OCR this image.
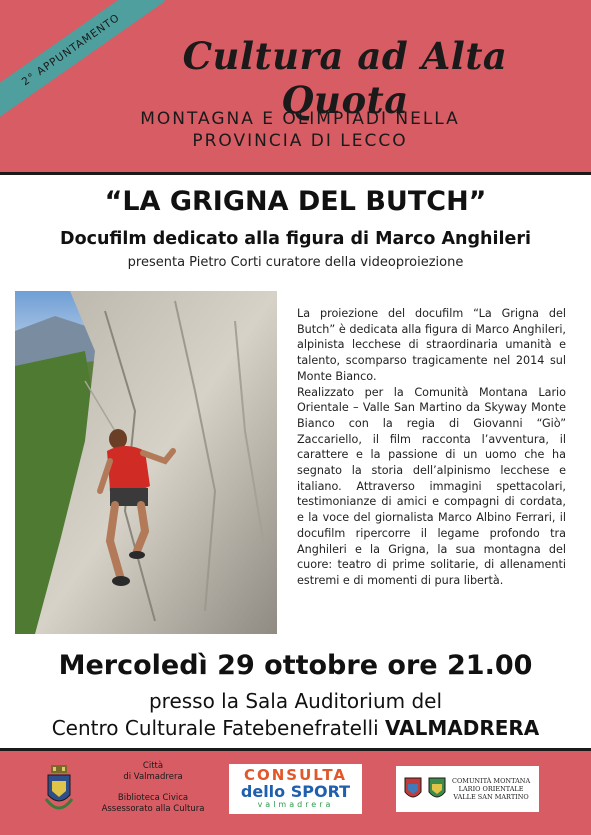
2° APPUNTAMENTO	Cultura ad Alta Quota
MONTAGNA E OLIMPIADI NELLA
PROVINCIA DI LECCO
“LA GRIGNA DEL BUTCH”
Docufilm dedicato alla figura di Marco Anghileri
presenta Pietro Corti curatore della videoproiezione

La proiezione del docufilm “La Grigna del Butch” è dedicata alla figura di Marco Anghileri, alpinista lecchese di straordinaria umanità e talento, scomparso tragicamente nel 2014 sul Monte Bianco.

Realizzato per la Comunità Montana Lario Orientale – Valle San Martino da Skyway Monte Bianco con la regia di Giovanni “Giò” Zaccariello, il film racconta l’avventura, il carattere e la passione di un uomo che ha segnato la storia dell’alpinismo lecchese e italiano. Attraverso immagini spettacolari, testimonianze di amici e compagni di cordata, e la voce del giornalista Marco Albino Ferrari, il docufilm ripercorre il legame profondo tra Anghileri e la Grigna, la sua montagna del cuore: teatro di prime solitarie, di allenamenti estremi e di momenti di pura libertà.

Mercoledì 29 ottobre ore 21.00
presso la Sala Auditorium del
Centro Culturale Fatebenefratelli VALMADRERA
Città
di Valmadrera
Biblioteca Civica
Assessorato alla Cultura
CONSULTA
dello SPORT
valmadrera
COMUNITÀ MONTANA
LARIO ORIENTALE
VALLE SAN MARTINO
